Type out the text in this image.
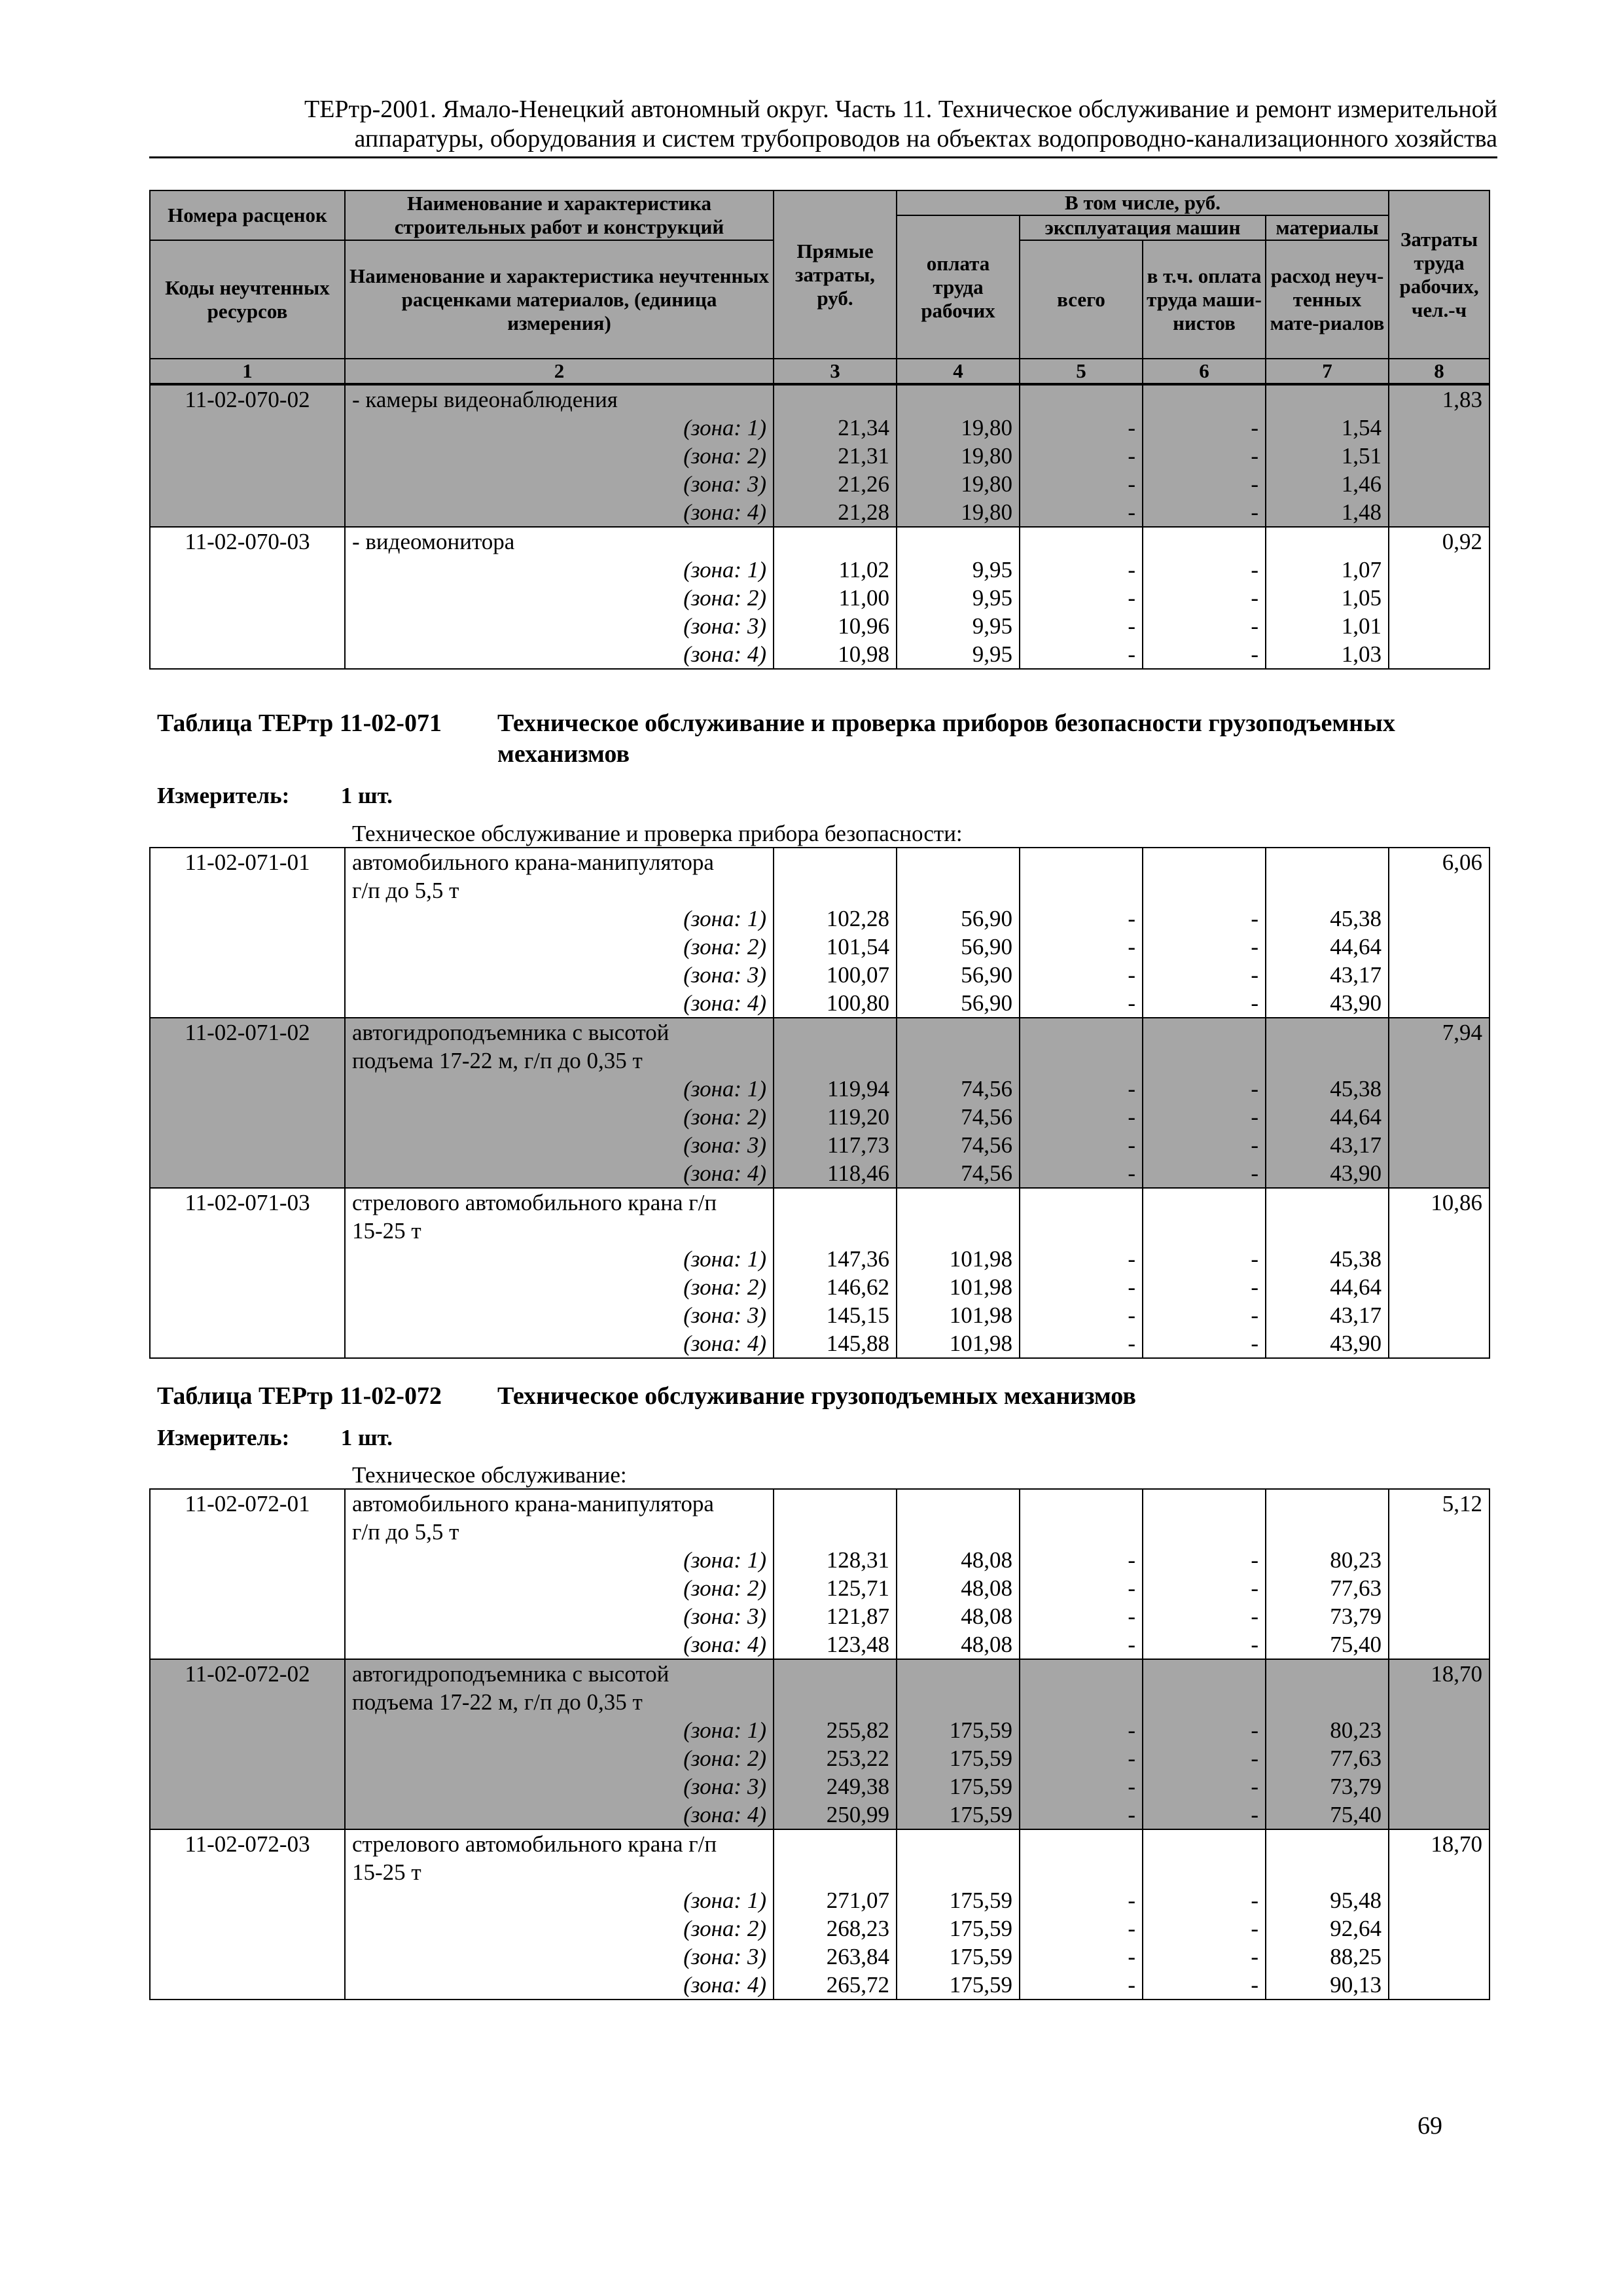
ТЕРтр-2001. Ямало-Ненецкий автономный округ. Часть 11. Техническое обслуживание и ремонт измерительной
аппаратуры, оборудования и систем трубопроводов на объектах водопроводно-канализационного хозяйства
Номера расценок	Наименование и характеристика строительных работ и конструкций	Прямые затраты, руб.	В том числе, руб.				Затраты труда рабочих, чел.-ч
			оплата труда рабочих	эксплуатация машин		материалы	
Коды неучтенных ресурсов	Наименование и характеристика неучтенных расценками материалов, (единица измерения)			всего	в т.ч. оплата труда маши-нистов	расход неуч-тенных мате-риалов	

1	2	3	4	5	6	7	8
11-02-070-02	- камеры видеонаблюдения						1,83
	(зона: 1)	21,34	19,80	-	-	1,54	
	(зона: 2)	21,31	19,80	-	-	1,51	
	(зона: 3)	21,26	19,80	-	-	1,46	
	(зона: 4)	21,28	19,80	-	-	1,48	
11-02-070-03	- видеомонитора						0,92
	(зона: 1)	11,02	9,95	-	-	1,07	
	(зона: 2)	11,00	9,95	-	-	1,05	
	(зона: 3)	10,96	9,95	-	-	1,01	
	(зона: 4)	10,98	9,95	-	-	1,03	
Таблица ТЕРтр 11-02-071 Техническое обслуживание и проверка приборов безопасности грузоподъемных механизмов
Измеритель: 1 шт.
Техническое обслуживание и проверка прибора безопасности:
11-02-071-01	автомобильного крана-манипулятора						6,06
	г/п до 5,5 т						
	(зона: 1)	102,28	56,90	-	-	45,38	
	(зона: 2)	101,54	56,90	-	-	44,64	
	(зона: 3)	100,07	56,90	-	-	43,17	
	(зона: 4)	100,80	56,90	-	-	43,90	
11-02-071-02	автогидроподъемника с высотой						7,94
	подъема 17-22 м, г/п до 0,35 т						
	(зона: 1)	119,94	74,56	-	-	45,38	
	(зона: 2)	119,20	74,56	-	-	44,64	
	(зона: 3)	117,73	74,56	-	-	43,17	
	(зона: 4)	118,46	74,56	-	-	43,90	
11-02-071-03	стрелового автомобильного крана г/п						10,86
	15-25 т						
	(зона: 1)	147,36	101,98	-	-	45,38	
	(зона: 2)	146,62	101,98	-	-	44,64	
	(зона: 3)	145,15	101,98	-	-	43,17	
	(зона: 4)	145,88	101,98	-	-	43,90	
Таблица ТЕРтр 11-02-072 Техническое обслуживание грузоподъемных механизмов
Измеритель: 1 шт.
Техническое обслуживание:
11-02-072-01	автомобильного крана-манипулятора						5,12
	г/п до 5,5 т						
	(зона: 1)	128,31	48,08	-	-	80,23	
	(зона: 2)	125,71	48,08	-	-	77,63	
	(зона: 3)	121,87	48,08	-	-	73,79	
	(зона: 4)	123,48	48,08	-	-	75,40	
11-02-072-02	автогидроподъемника с высотой						18,70
	подъема 17-22 м, г/п до 0,35 т						
	(зона: 1)	255,82	175,59	-	-	80,23	
	(зона: 2)	253,22	175,59	-	-	77,63	
	(зона: 3)	249,38	175,59	-	-	73,79	
	(зона: 4)	250,99	175,59	-	-	75,40	
11-02-072-03	стрелового автомобильного крана г/п						18,70
	15-25 т						
	(зона: 1)	271,07	175,59	-	-	95,48	
	(зона: 2)	268,23	175,59	-	-	92,64	
	(зона: 3)	263,84	175,59	-	-	88,25	
	(зона: 4)	265,72	175,59	-	-	90,13	
69
